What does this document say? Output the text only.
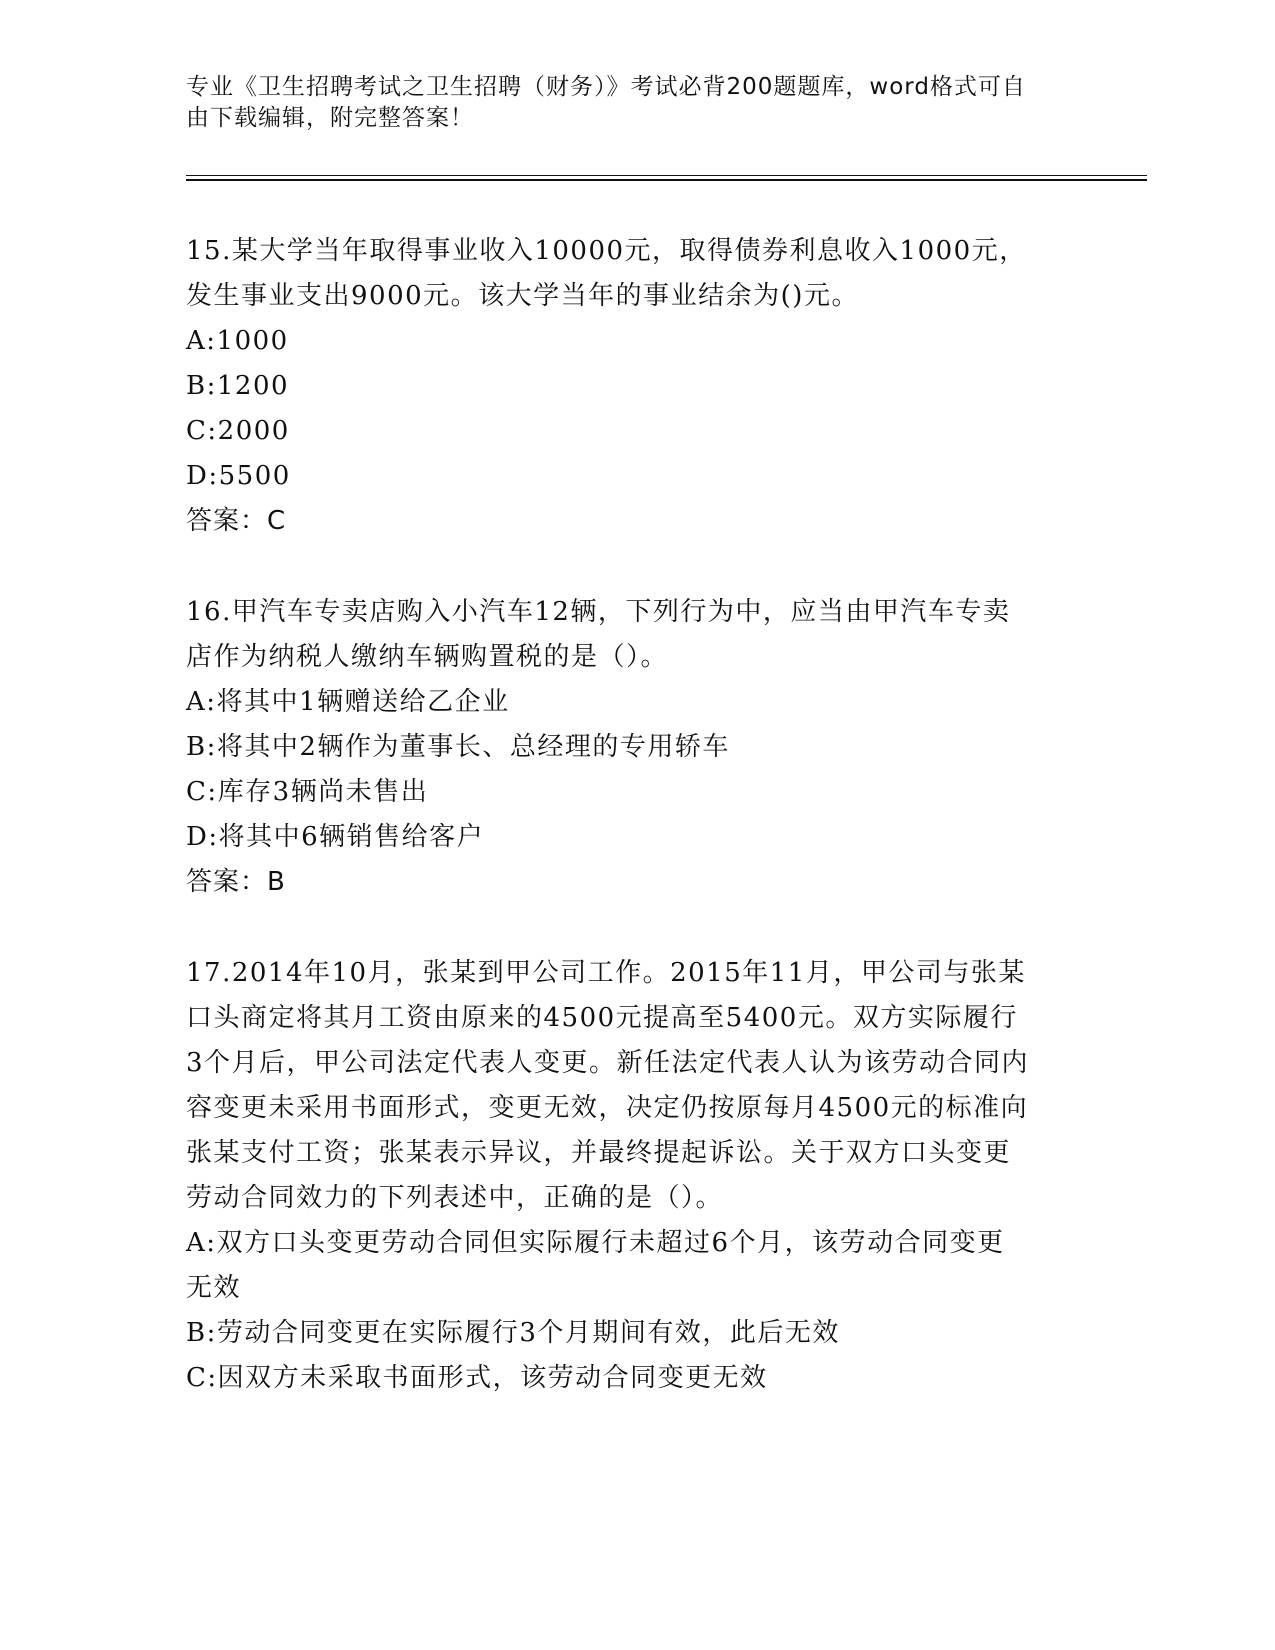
专业《卫生招聘考试之卫生招聘（财务）》考试必背200题题库，word格式可自
由下载编辑，附完整答案！
15.某大学当年取得事业收入10000元，取得债券利息收入1000元，
发生事业支出9000元。该大学当年的事业结余为()元。
A:1000
B:1200
C:2000
D:5500
答案：C
16.甲汽车专卖店购入小汽车12辆，下列行为中，应当由甲汽车专卖
店作为纳税人缴纳车辆购置税的是（）。
A:将其中1辆赠送给乙企业
B:将其中2辆作为董事长、总经理的专用轿车
C:库存3辆尚未售出
D:将其中6辆销售给客户
答案：B
17.2014年10月，张某到甲公司工作。2015年11月，甲公司与张某
口头商定将其月工资由原来的4500元提高至5400元。双方实际履行
3个月后，甲公司法定代表人变更。新任法定代表人认为该劳动合同内
容变更未采用书面形式，变更无效，决定仍按原每月4500元的标准向
张某支付工资；张某表示异议，并最终提起诉讼。关于双方口头变更
劳动合同效力的下列表述中，正确的是（）。
A:双方口头变更劳动合同但实际履行未超过6个月，该劳动合同变更
无效
B:劳动合同变更在实际履行3个月期间有效，此后无效
C:因双方未采取书面形式，该劳动合同变更无效
